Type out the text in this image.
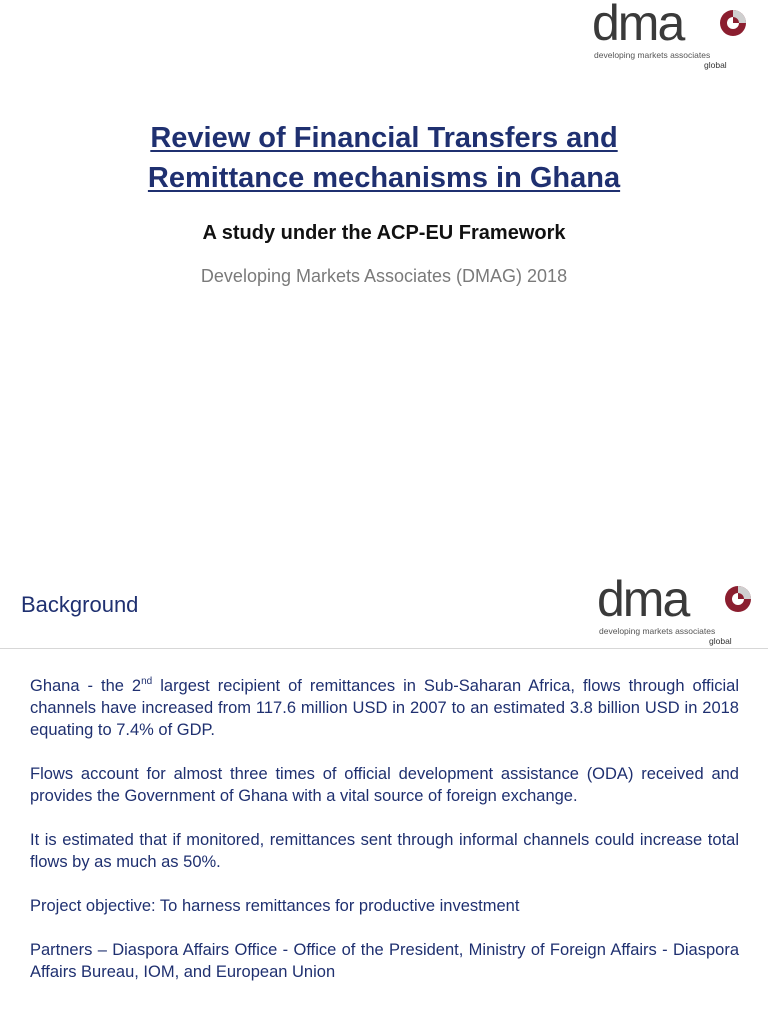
dma
developing markets associates
global
Review of Financial Transfers and
Remittance mechanisms in Ghana
A study under the ACP-EU Framework
Developing Markets Associates (DMAG) 2018
Background	dma
developing markets associates
global

Ghana - the 2nd largest recipient of remittances in Sub-Saharan Africa, flows through official channels have increased from 117.6 million USD in 2007 to an estimated 3.8 billion USD in 2018 equating to 7.4% of GDP.

Flows account for almost three times of official development assistance (ODA) received and provides the Government of Ghana with a vital source of foreign exchange.

It is estimated that if monitored, remittances sent through informal channels could increase total flows by as much as 50%.

Project objective: To harness remittances for productive investment

Partners – Diaspora Affairs Office - Office of the President, Ministry of Foreign Affairs - Diaspora Affairs Bureau, IOM, and European Union
